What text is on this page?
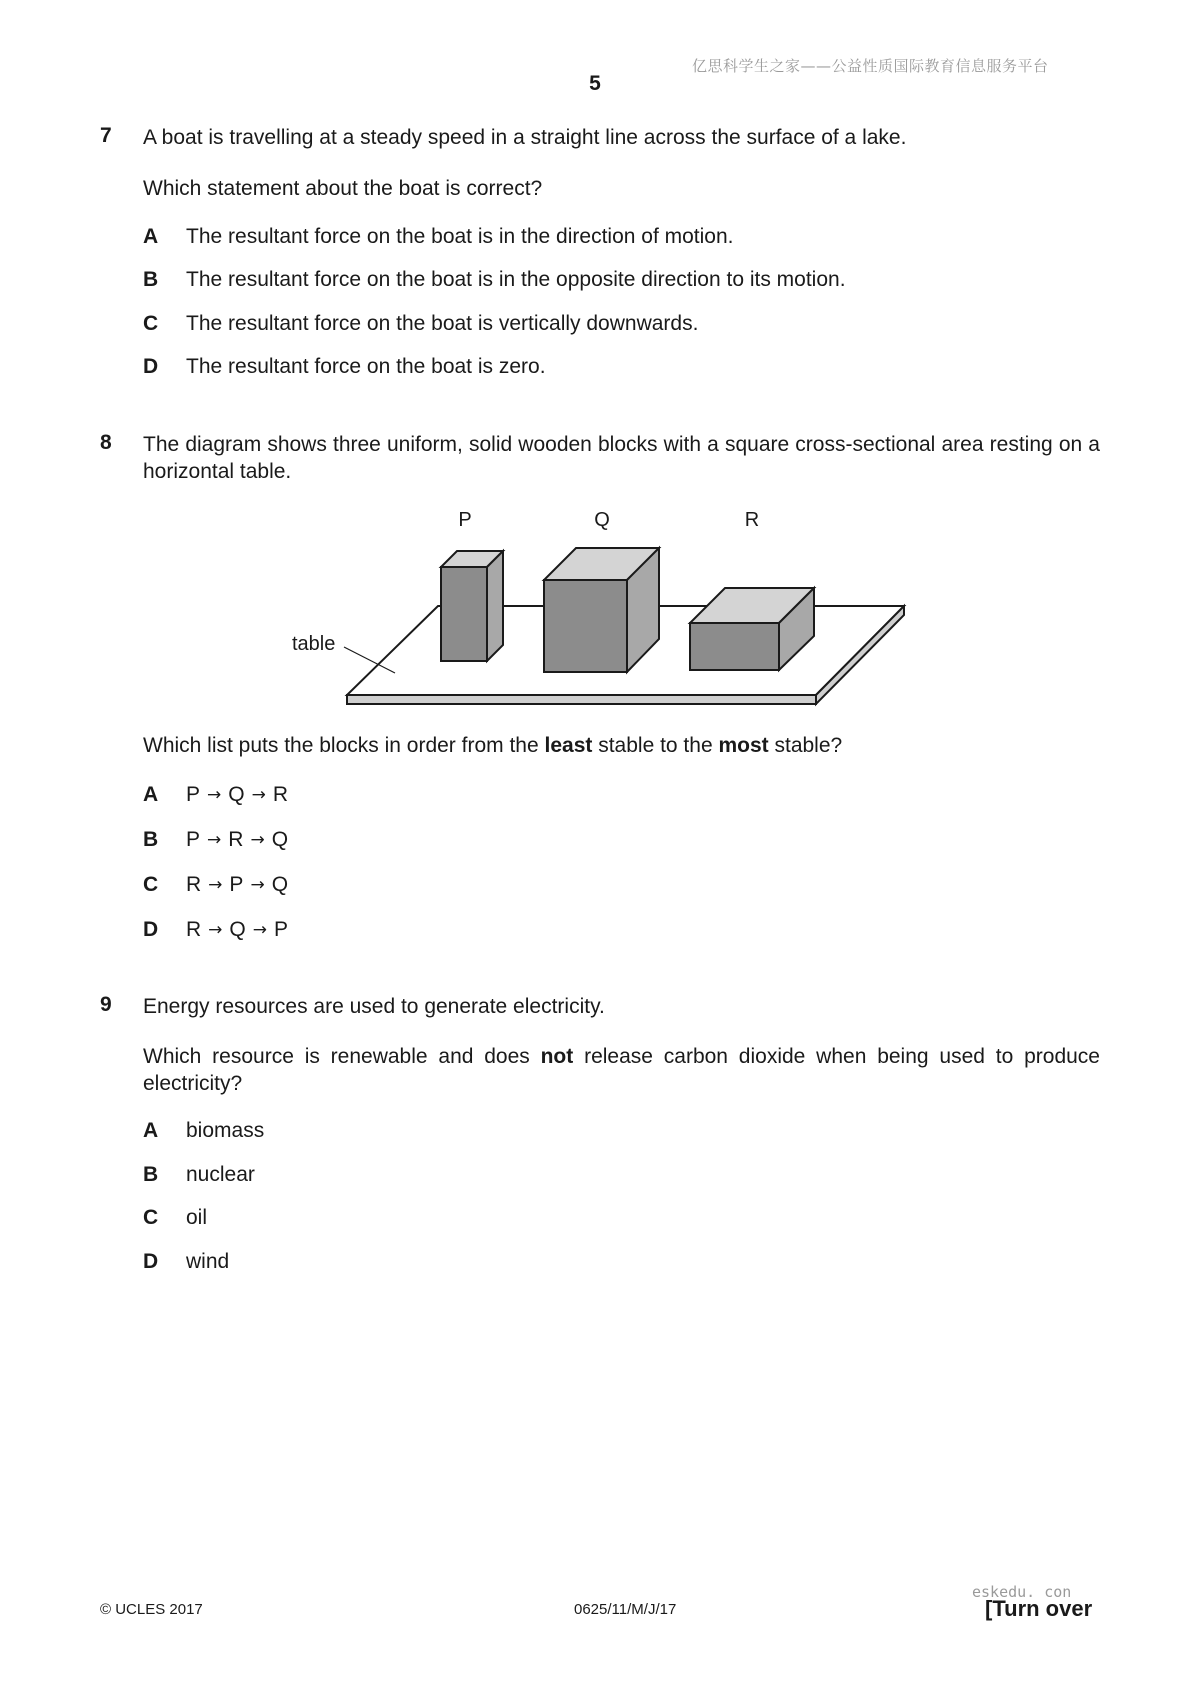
亿思科学生之家——公益性质国际教育信息服务平台
5
7 A boat is travelling at a steady speed in a straight line across the surface of a lake.
Which statement about the boat is correct?
A The resultant force on the boat is in the direction of motion.
B The resultant force on the boat is in the opposite direction to its motion.
C The resultant force on the boat is vertically downwards.
D The resultant force on the boat is zero.
8 The diagram shows three uniform, solid wooden blocks with a square cross-sectional area resting on a horizontal table.
table
P	Q	R
Which list puts the blocks in order from the least stable to the most stable?
A P → Q → R
B P → R → Q
C R → P → Q
D R → Q → P
9 Energy resources are used to generate electricity.
Which resource is renewable and does not release carbon dioxide when being used to produce electricity?
A biomass
B nuclear
C oil
D wind
© UCLES 2017	0625/11/M/J/17
eskedu. con
[Turn over
